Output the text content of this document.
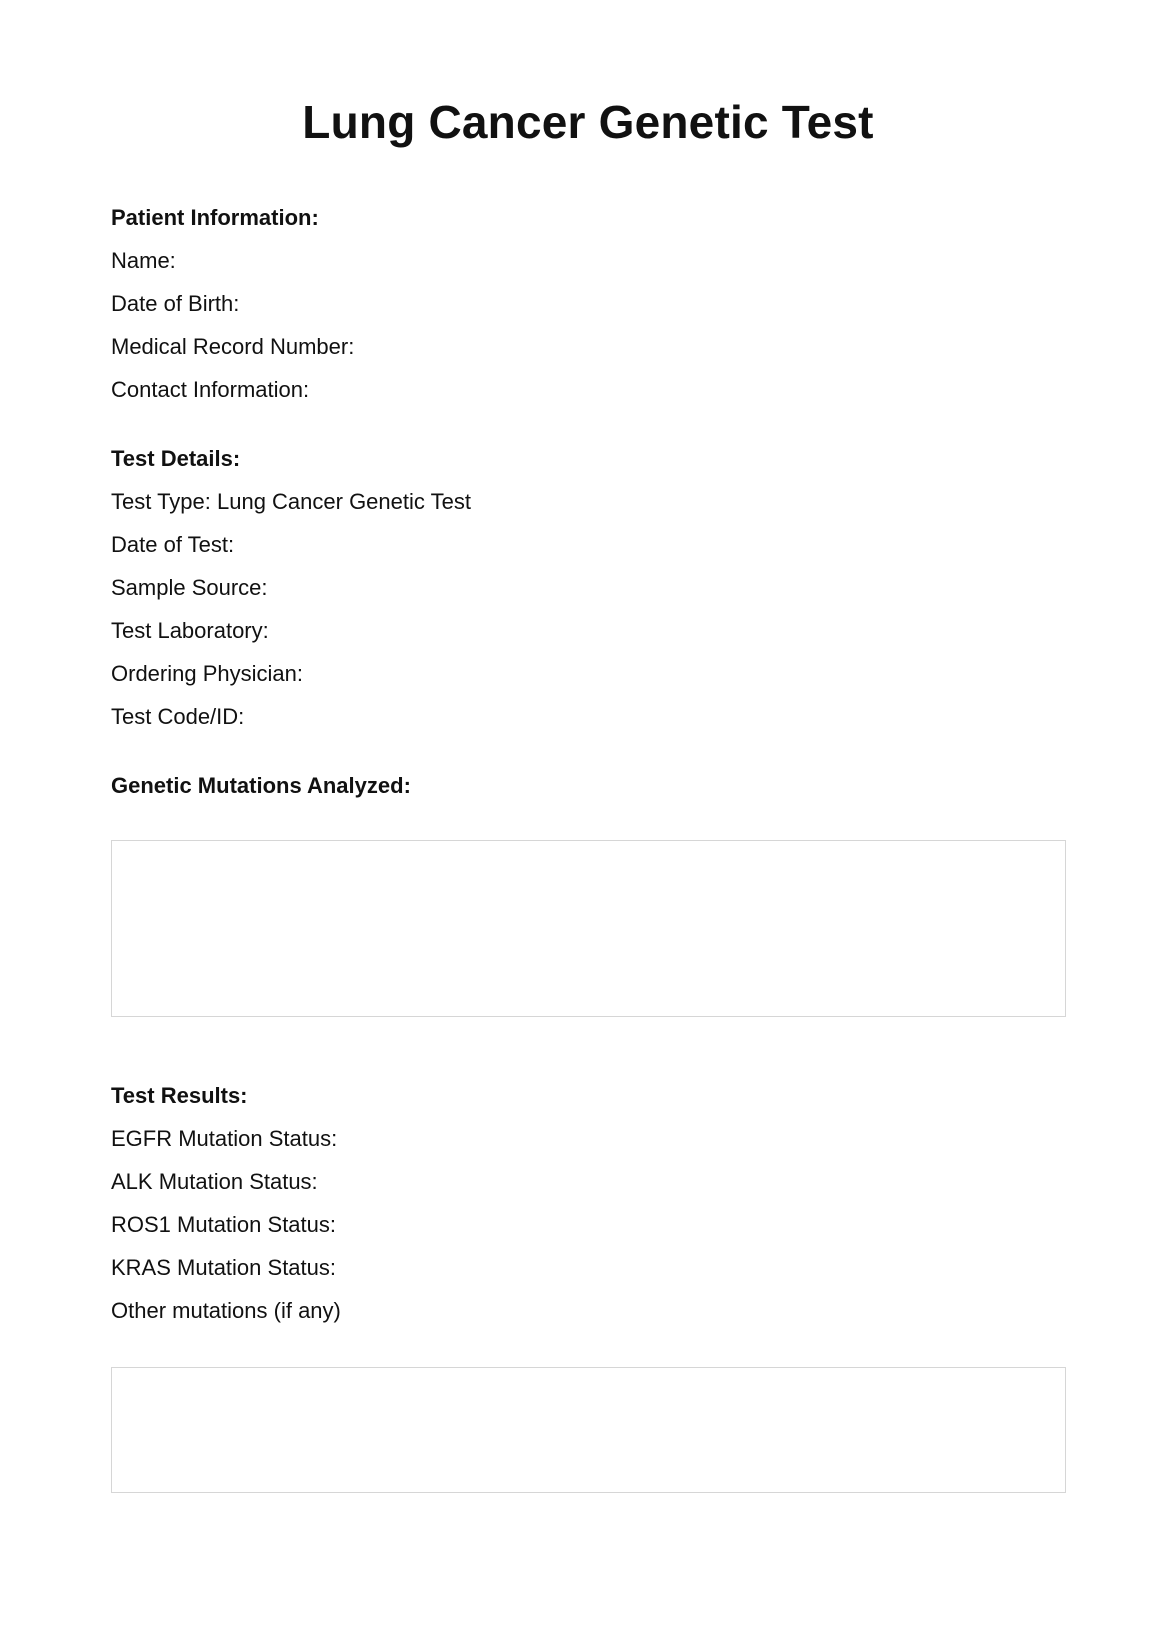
Lung Cancer Genetic Test
Patient Information:
Name:
Date of Birth:
Medical Record Number:
Contact Information:
Test Details:
Test Type: Lung Cancer Genetic Test
Date of Test:
Sample Source:
Test Laboratory:
Ordering Physician:
Test Code/ID:
Genetic Mutations Analyzed:
Test Results:
EGFR Mutation Status:
ALK Mutation Status:
ROS1 Mutation Status:
KRAS Mutation Status:
Other mutations (if any)
